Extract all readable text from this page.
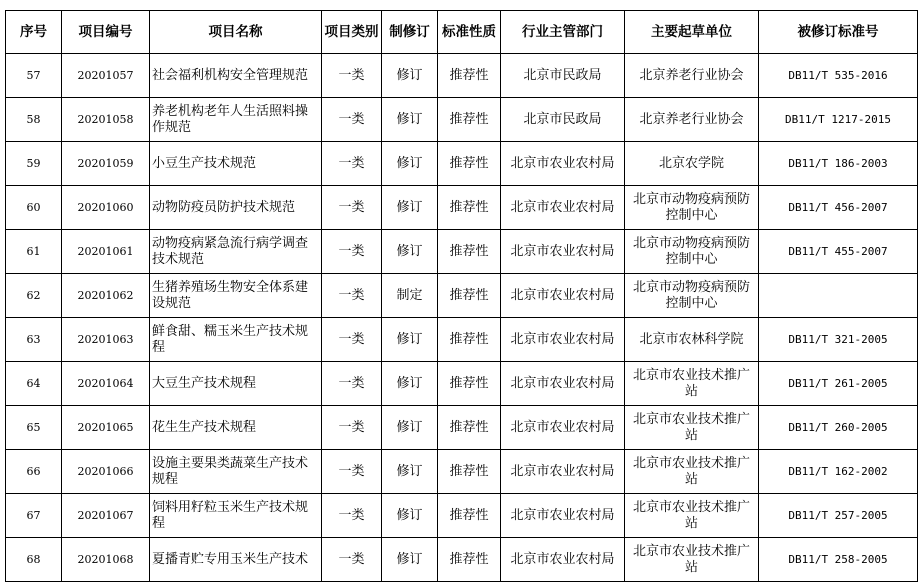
序号	项目编号	项目名称	项目类别	制修订	标准性质	行业主管部门	主要起草单位	被修订标准号
57	20201057	社会福利机构安全管理规范	一类	修订	推荐性	北京市民政局	北京养老行业协会	DB11/T 535-2016
58	20201058	养老机构老年人生活照料操作规范	一类	修订	推荐性	北京市民政局	北京养老行业协会	DB11/T 1217-2015
59	20201059	小豆生产技术规范	一类	修订	推荐性	北京市农业农村局	北京农学院	DB11/T 186-2003
60	20201060	动物防疫员防护技术规范	一类	修订	推荐性	北京市农业农村局	北京市动物疫病预防控制中心	DB11/T 456-2007
61	20201061	动物疫病紧急流行病学调查技术规范	一类	修订	推荐性	北京市农业农村局	北京市动物疫病预防控制中心	DB11/T 455-2007
62	20201062	生猪养殖场生物安全体系建设规范	一类	制定	推荐性	北京市农业农村局	北京市动物疫病预防控制中心	
63	20201063	鲜食甜、糯玉米生产技术规程	一类	修订	推荐性	北京市农业农村局	北京市农林科学院	DB11/T 321-2005
64	20201064	大豆生产技术规程	一类	修订	推荐性	北京市农业农村局	北京市农业技术推广站	DB11/T 261-2005
65	20201065	花生生产技术规程	一类	修订	推荐性	北京市农业农村局	北京市农业技术推广站	DB11/T 260-2005
66	20201066	设施主要果类蔬菜生产技术规程	一类	修订	推荐性	北京市农业农村局	北京市农业技术推广站	DB11/T 162-2002
67	20201067	饲料用籽粒玉米生产技术规程	一类	修订	推荐性	北京市农业农村局	北京市农业技术推广站	DB11/T 257-2005
68	20201068	夏播青贮专用玉米生产技术	一类	修订	推荐性	北京市农业农村局	北京市农业技术推广站	DB11/T 258-2005
